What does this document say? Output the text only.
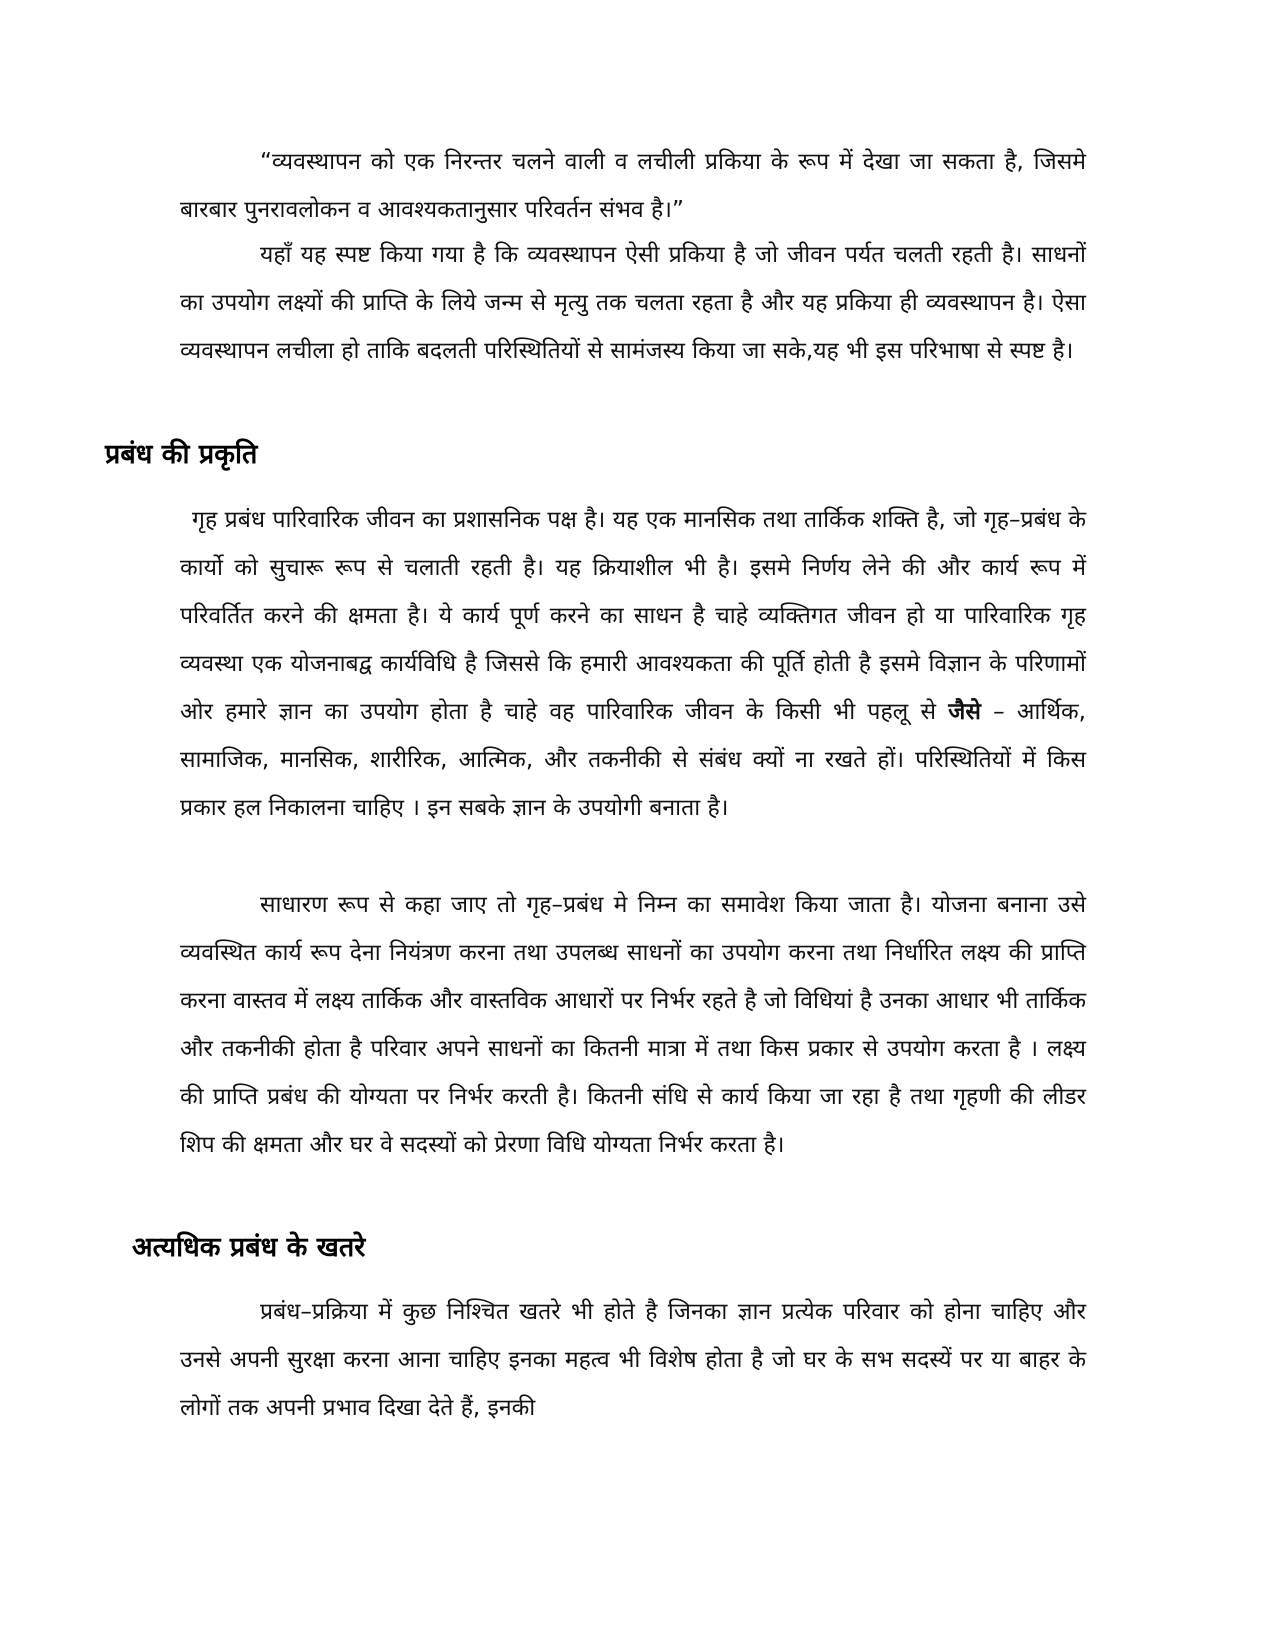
“व्यवस्थापन को एक निरन्तर चलने वाली व लचीली प्रकिया के रूप में देखा जा सकता है, जिसमे बारबार पुनरावलोकन व आवश्यकतानुसार परिवर्तन संभव है।”

यहाँ यह स्पष्ट किया गया है कि व्यवस्थापन ऐसी प्रकिया है जो जीवन पर्यत चलती रहती है। साधनों का उपयोग लक्ष्यों की प्राप्ति के लिये जन्म से मृत्यु तक चलता रहता है और यह प्रकिया ही व्यवस्थापन है। ऐसा व्यवस्थापन लचीला हो ताकि बदलती परिस्थितियों से सामंजस्य किया जा सके,यह भी इस परिभाषा से स्पष्ट है।

प्रबंध की प्रकृति

गृह प्रबंध पारिवारिक जीवन का प्रशासनिक पक्ष है। यह एक मानसिक तथा तार्किक शक्ति है, जो गृह–प्रबंध के कार्यो को सुचारू रूप से चलाती रहती है। यह क्रियाशील भी है। इसमे निर्णय लेने की और कार्य रूप में परिवर्तित करने की क्षमता है। ये कार्य पूर्ण करने का साधन है चाहे व्यक्तिगत जीवन हो या पारिवारिक गृह व्यवस्था एक योजनाबद्व कार्यविधि है जिससे कि हमारी आवश्यकता की पूर्ति होती है इसमे विज्ञान के परिणामों ओर हमारे ज्ञान का उपयोग होता है चाहे वह पारिवारिक जीवन के किसी भी पहलू से जैसे – आर्थिक, सामाजिक, मानसिक, शारीरिक, आत्मिक, और तकनीकी से संबंध क्यों ना रखते हों। परिस्थितियों में किस प्रकार हल निकालना चाहिए । इन सबके ज्ञान के उपयोगी बनाता है।

साधारण रूप से कहा जाए तो गृह–प्रबंध मे निम्न का समावेश किया जाता है। योजना बनाना उसे व्यवस्थित कार्य रूप देना नियंत्रण करना तथा उपलब्ध साधनों का उपयोग करना तथा निर्धारित लक्ष्य की प्राप्ति करना वास्तव में लक्ष्य तार्किक और वास्तविक आधारों पर निर्भर रहते है जो विधियां है उनका आधार भी तार्किक और तकनीकी होता है परिवार अपने साधनों का कितनी मात्रा में तथा किस प्रकार से उपयोग करता है । लक्ष्य की प्राप्ति प्रबंध की योग्यता पर निर्भर करती है। कितनी संधि से कार्य किया जा रहा है तथा गृहणी की लीडर शिप की क्षमता और घर वे सदस्यों को प्रेरणा विधि योग्यता निर्भर करता है।

अत्यधिक प्रबंध के खतरे

प्रबंध–प्रक्रिया में कुछ निश्चित खतरे भी होते है जिनका ज्ञान प्रत्येक परिवार को होना चाहिए और उनसे अपनी सुरक्षा करना आना चाहिए इनका महत्व भी विशेष होता है जो घर के सभ सदस्यें पर या बाहर के लोगों तक अपनी प्रभाव दिखा देते हैं, इनकी
